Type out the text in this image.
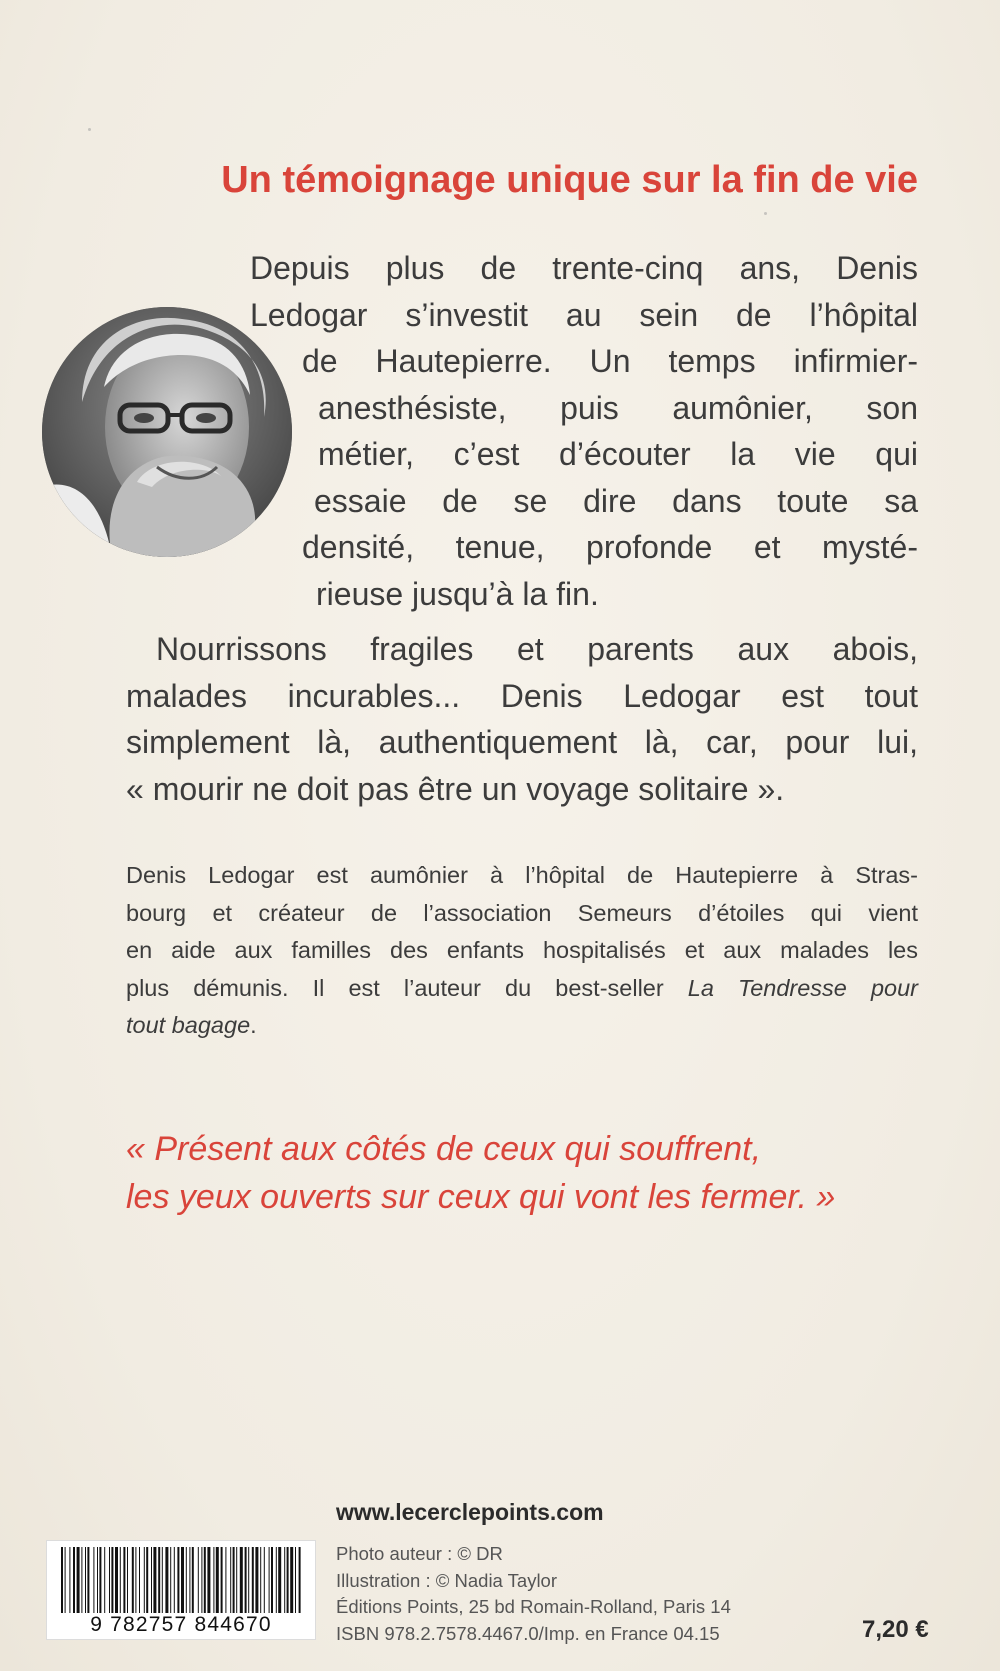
Un témoignage unique sur la fin de vie
Depuis plus de trente-cinq ans, Denis
Ledogar s’investit au sein de l’hôpital
de Hautepierre. Un temps infirmier-
anesthésiste, puis aumônier, son
métier, c’est d’écouter la vie qui
essaie de se dire dans toute sa
densité, tenue, profonde et mysté-
rieuse jusqu’à la fin.
Nourrissons fragiles et parents aux abois,
malades incurables... Denis Ledogar est tout
simplement là, authentiquement là, car, pour lui,
« mourir ne doit pas être un voyage solitaire ».
Denis Ledogar est aumônier à l’hôpital de Hautepierre à Stras-
bourg et créateur de l’association Semeurs d’étoiles qui vient
en aide aux familles des enfants hospitalisés et aux malades les
plus démunis. Il est l’auteur du best-seller La Tendresse pour
tout bagage.
« Présent aux côtés de ceux qui souffrent,
les yeux ouverts sur ceux qui vont les fermer. »
www.lecerclepoints.com
9 782757 844670
Photo auteur : © DR
Illustration : © Nadia Taylor
Éditions Points, 25 bd Romain-Rolland, Paris 14
ISBN 978.2.7578.4467.0/Imp. en France 04.15	7,20 €
